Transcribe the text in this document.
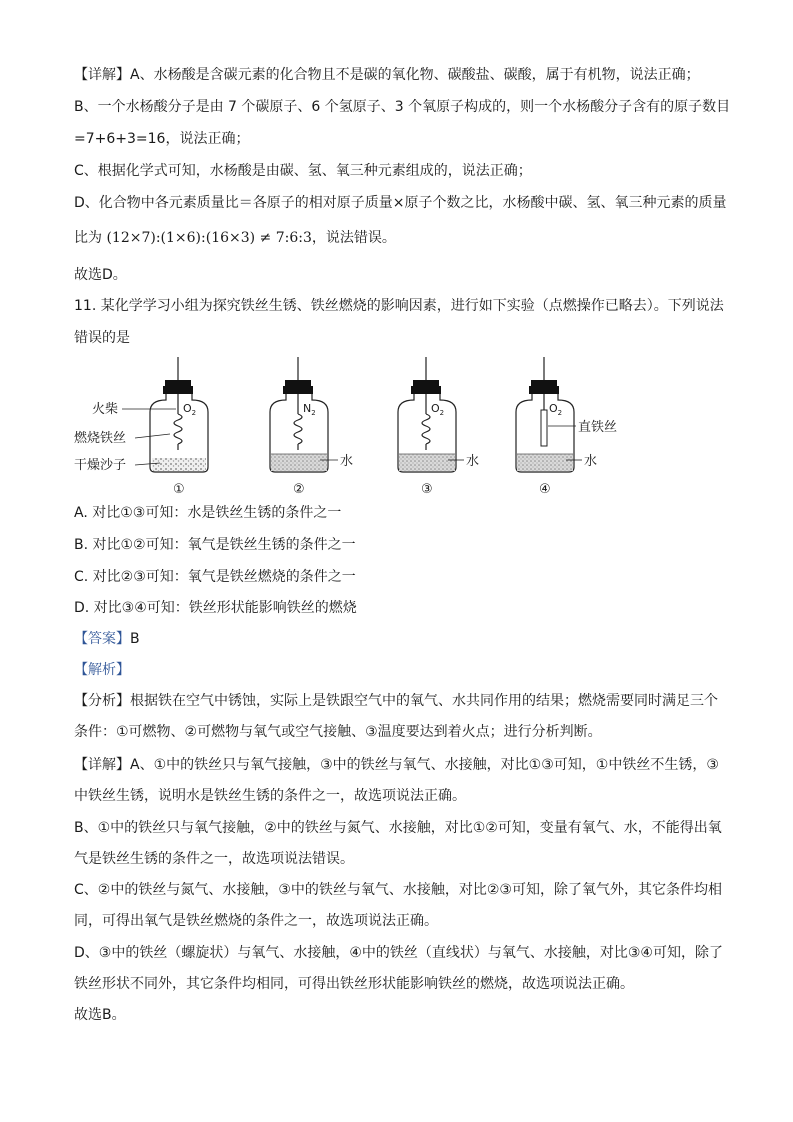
【详解】A、水杨酸是含碳元素的化合物且不是碳的氧化物、碳酸盐、碳酸，属于有机物，说法正确；
B、一个水杨酸分子是由 7 个碳原子、6 个氢原子、3 个氧原子构成的，则一个水杨酸分子含有的原子数目
=7+6+3=16，说法正确；
C、根据化学式可知，水杨酸是由碳、氢、氧三种元素组成的，说法正确；
D、化合物中各元素质量比＝各原子的相对原子质量×原子个数之比，水杨酸中碳、氢、氧三种元素的质量
比为 (12×7):(1×6):(16×3) ≠ 7:6:3，说法错误。
故选D。
11. 某化学学习小组为探究铁丝生锈、铁丝燃烧的影响因素，进行如下实验（点燃操作已略去）。下列说法
错误的是
$O_2$
①
火柴
燃烧铁丝
干燥沙子
$N_2$
水
②
$O_2$
水
③
$O_2$
直铁丝
水
④
A. 对比①③可知：水是铁丝生锈的条件之一
B. 对比①②可知：氧气是铁丝生锈的条件之一
C. 对比②③可知：氧气是铁丝燃烧的条件之一
D. 对比③④可知：铁丝形状能影响铁丝的燃烧
【答案】B
【解析】
【分析】根据铁在空气中锈蚀，实际上是铁跟空气中的氧气、水共同作用的结果；燃烧需要同时满足三个
条件：①可燃物、②可燃物与氧气或空气接触、③温度要达到着火点；进行分析判断。
【详解】A、①中的铁丝只与氧气接触，③中的铁丝与氧气、水接触，对比①③可知，①中铁丝不生锈，③
中铁丝生锈，说明水是铁丝生锈的条件之一，故选项说法正确。
B、①中的铁丝只与氧气接触，②中的铁丝与氮气、水接触，对比①②可知，变量有氧气、水，不能得出氧
气是铁丝生锈的条件之一，故选项说法错误。
C、②中的铁丝与氮气、水接触，③中的铁丝与氧气、水接触，对比②③可知，除了氧气外，其它条件均相
同，可得出氧气是铁丝燃烧的条件之一，故选项说法正确。
D、③中的铁丝（螺旋状）与氧气、水接触，④中的铁丝（直线状）与氧气、水接触，对比③④可知，除了
铁丝形状不同外，其它条件均相同，可得出铁丝形状能影响铁丝的燃烧，故选项说法正确。
故选B。
